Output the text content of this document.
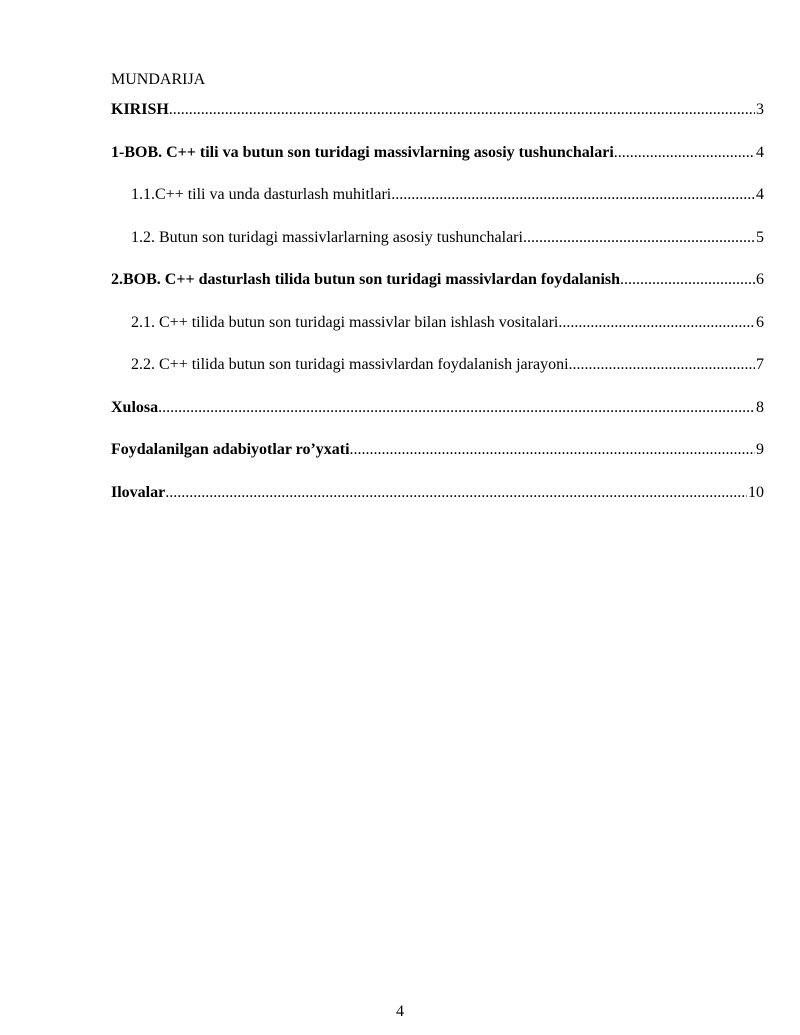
MUNDARIJA
KIRISH .....	3
1-BOB. C++ tili va butun son turidagi massivlarning asosiy tushunchalari .....	4
1.1.C++ tili va unda dasturlash muhitlari .....	4
1.2. Butun son turidagi massivlarlarning asosiy tushunchalari .....	5
2.BOB. C++ dasturlash tilida butun son turidagi massivlardan foydalanish .....	6
2.1. C++ tilida butun son turidagi massivlar bilan ishlash vositalari .....	6
2.2. C++ tilida butun son turidagi massivlardan foydalanish jarayoni .....	7
Xulosa .....	8
Foydalanilgan adabiyotlar ro’yxati .....	9
Ilovalar .....	10
4
